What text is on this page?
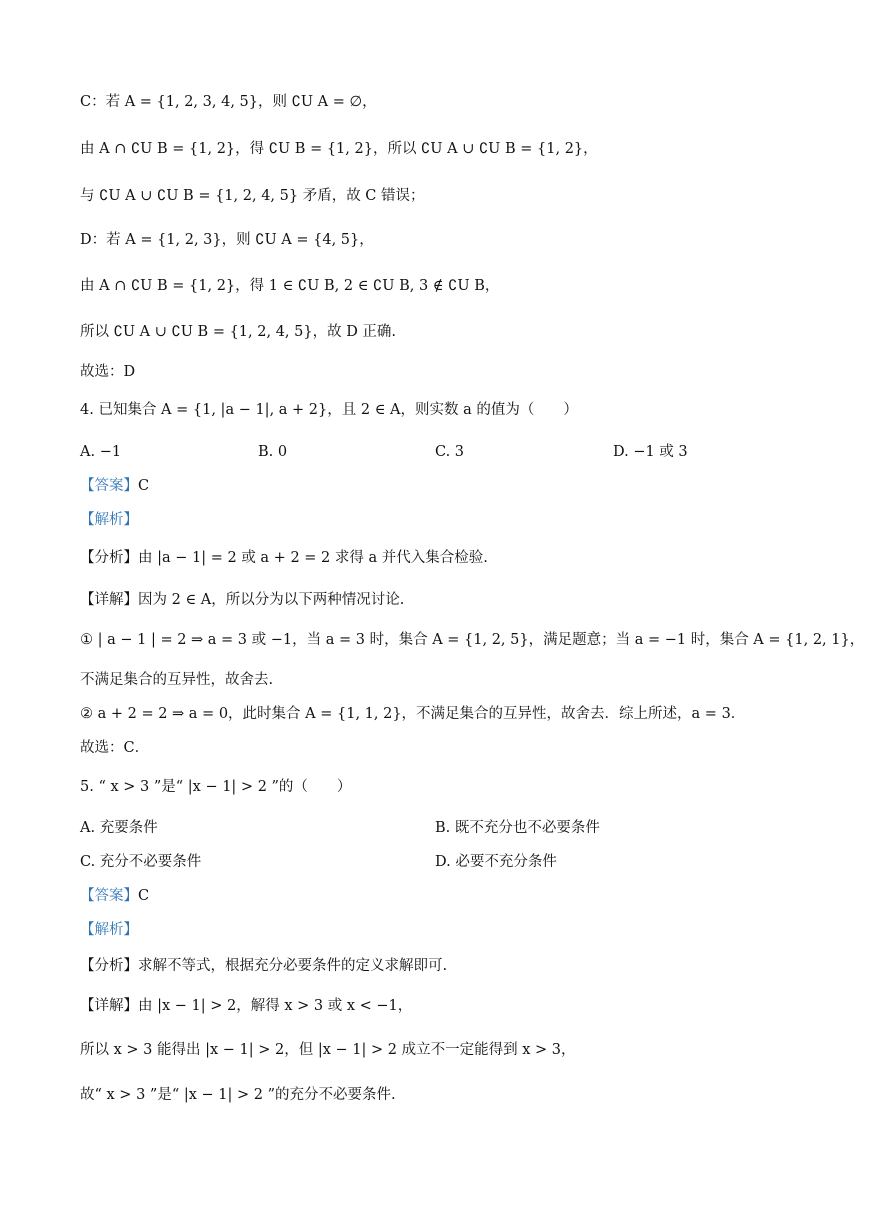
C：若 A = {1, 2, 3, 4, 5}，则 ∁U A = ∅，
由 A ∩ ∁U B = {1, 2}，得 ∁U B = {1, 2}，所以 ∁U A ∪ ∁U B = {1, 2}，
与 ∁U A ∪ ∁U B = {1, 2, 4, 5} 矛盾，故 C 错误；
D：若 A = {1, 2, 3}，则 ∁U A = {4, 5}，
由 A ∩ ∁U B = {1, 2}，得 1 ∈ ∁U B, 2 ∈ ∁U B, 3 ∉ ∁U B，
所以 ∁U A ∪ ∁U B = {1, 2, 4, 5}，故 D 正确.
故选：D
4. 已知集合 A = {1, |a − 1|, a + 2}，且 2 ∈ A，则实数 a 的值为（　　）
A. −1	B. 0	C. 3	D. −1 或 3
【答案】C
【解析】
【分析】由 |a − 1| = 2 或 a + 2 = 2 求得 a 并代入集合检验.
【详解】因为 2 ∈ A，所以分为以下两种情况讨论.
① | a − 1 | = 2 ⇒ a = 3 或 −1，当 a = 3 时，集合 A = {1, 2, 5}，满足题意；当 a = −1 时，集合 A = {1, 2, 1}，
不满足集合的互异性，故舍去.
② a + 2 = 2 ⇒ a = 0，此时集合 A = {1, 1, 2}，不满足集合的互异性，故舍去．综上所述，a = 3．
故选：C．
5. “ x > 3 ”是“ |x − 1| > 2 ”的（　　）
A. 充要条件	B. 既不充分也不必要条件
C. 充分不必要条件	D. 必要不充分条件
【答案】C
【解析】
【分析】求解不等式，根据充分必要条件的定义求解即可.
【详解】由 |x − 1| > 2，解得 x > 3 或 x < −1，
所以 x > 3 能得出 |x − 1| > 2，但 |x − 1| > 2 成立不一定能得到 x > 3，
故“ x > 3 ”是“ |x − 1| > 2 ”的充分不必要条件.
